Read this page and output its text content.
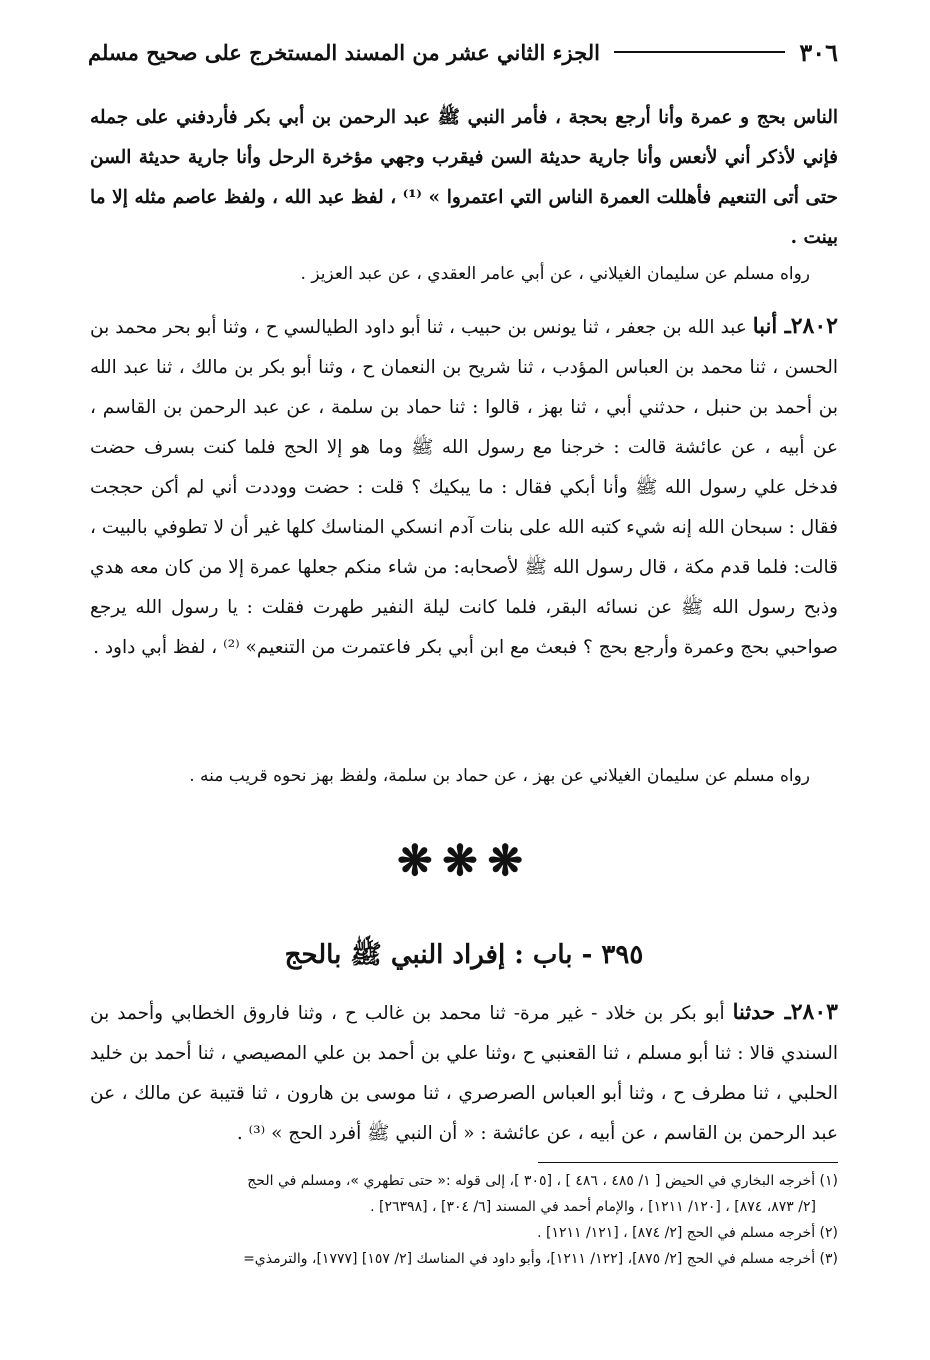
٣٠٦
الجزء الثاني عشر من المسند المستخرج على صحيح مسلم

الناس بحج و عمرة وأنا أرجع بحجة ، فأمر النبي ﷺ عبد الرحمن بن أبي بكر فأردفني على جمله فإني لأذكر أني لأنعس وأنا جارية حديثة السن فيقرب وجهي مؤخرة الرحل وأنا جارية حديثة السن حتى أتى التنعيم فأهللت العمرة الناس التي اعتمروا » ⁽¹⁾ ، لفظ عبد الله ، ولفظ عاصم مثله إلا ما بينت .

رواه مسلم عن سليمان الغيلاني ، عن أبي عامر العقدي ، عن عبد العزيز .

٢٨٠٢ـ أنبا عبد الله بن جعفر ، ثنا يونس بن حبيب ، ثنا أبو داود الطيالسي ح ، وثنا أبو بحر محمد بن الحسن ، ثنا محمد بن العباس المؤدب ، ثنا شريح بن النعمان ح ، وثنا أبو بكر بن مالك ، ثنا عبد الله بن أحمد بن حنبل ، حدثني أبي ، ثنا بهز ، قالوا : ثنا حماد بن سلمة ، عن عبد الرحمن بن القاسم ، عن أبيه ، عن عائشة قالت : خرجنا مع رسول الله ﷺ وما هو إلا الحج فلما كنت بسرف حضت فدخل علي رسول الله ﷺ وأنا أبكي فقال : ما يبكيك ؟ قلت : حضت ووددت أني لم أكن حججت فقال : سبحان الله إنه شيء كتبه الله على بنات آدم انسكي المناسك كلها غير أن لا تطوفي بالبيت ، قالت: فلما قدم مكة ، قال رسول الله ﷺ لأصحابه: من شاء منكم جعلها عمرة إلا من كان معه هدي وذبح رسول الله ﷺ عن نسائه البقر، فلما كانت ليلة النفير طهرت فقلت : يا رسول الله يرجع صواحبي بحج وعمرة وأرجع بحج ؟ فبعث مع ابن أبي بكر فاعتمرت من التنعيم» ⁽²⁾ ، لفظ أبي داود .

رواه مسلم عن سليمان الغيلاني عن بهز ، عن حماد بن سلمة، ولفظ بهز نحوه قريب منه .

❋❋❋
٣٩٥ - باب : إفراد النبي ﷺ بالحج

٢٨٠٣ـ حدثنا أبو بكر بن خلاد - غير مرة- ثنا محمد بن غالب ح ، وثنا فاروق الخطابي وأحمد بن السندي قالا : ثنا أبو مسلم ، ثنا القعنبي ح ،وثنا علي بن أحمد بن علي المصيصي ، ثنا أحمد بن خليد الحلبي ، ثنا مطرف ح ، وثنا أبو العباس الصرصري ، ثنا موسى بن هارون ، ثنا قتيبة عن مالك ، عن عبد الرحمن بن القاسم ، عن أبيه ، عن عائشة : « أن النبي ﷺ أفرد الحج » ⁽³⁾ .

(١) أخرجه البخاري في الحيض [ ١/ ٤٨٥ ، ٤٨٦ ] ، [٣٠٥ ]، إلى قوله :« حتى تطهري »، ومسلم في الحج

[٢/ ٨٧٣، ٨٧٤] ، [١٢٠/ ١٢١١] ، والإمام أحمد في المسند [٦/ ٣٠٤] ، [٢٦٣٩٨] .

(٢) أخرجه مسلم في الحج [٢/ ٨٧٤] ، [١٢١/ ١٢١١] .

(٣) أخرجه مسلم في الحج [٢/ ٨٧٥]، [١٢٢/ ١٢١١]، وأبو داود في المناسك [٢/ ١٥٧] [١٧٧٧]، والترمذي=
